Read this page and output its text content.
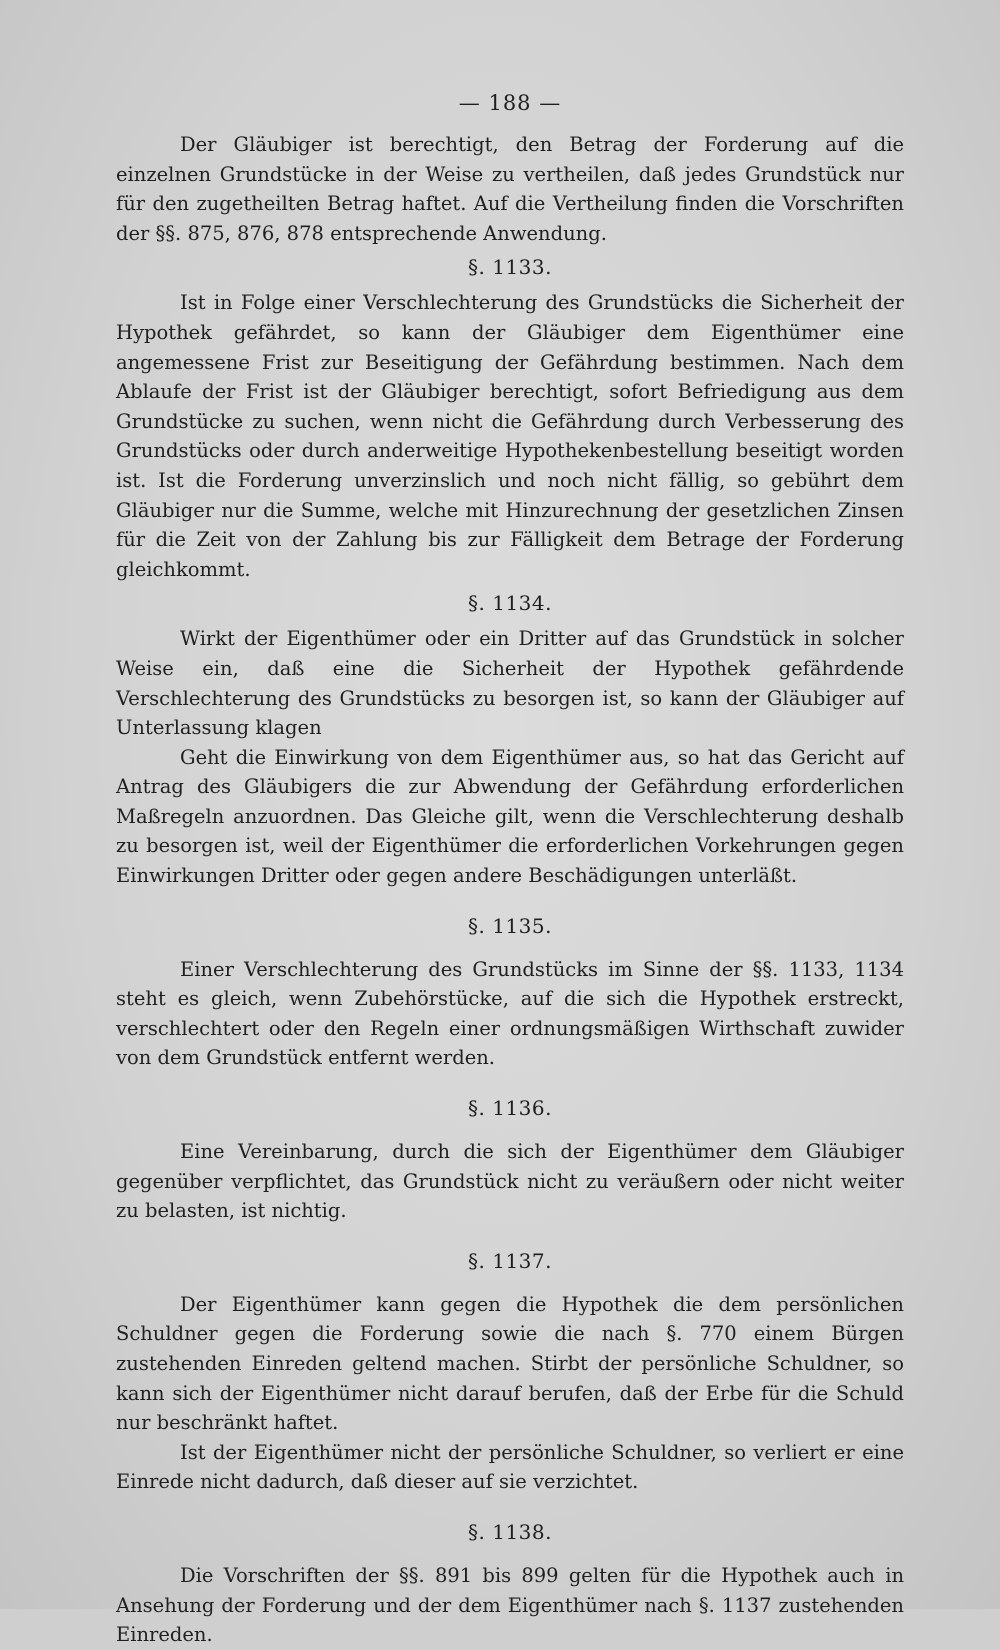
— 188 —

Der Gläubiger ist berechtigt, den Betrag der Forderung auf die einzelnen Grundstücke in der Weise zu vertheilen, daß jedes Grundstück nur für den zugetheilten Betrag haftet. Auf die Vertheilung finden die Vorschriften der §§. 875, 876, 878 entsprechende Anwendung.

§. 1133.

Ist in Folge einer Verschlechterung des Grundstücks die Sicherheit der Hypothek gefährdet, so kann der Gläubiger dem Eigenthümer eine angemessene Frist zur Beseitigung der Gefährdung bestimmen. Nach dem Ablaufe der Frist ist der Gläubiger berechtigt, sofort Befriedigung aus dem Grundstücke zu suchen, wenn nicht die Gefährdung durch Verbesserung des Grundstücks oder durch anderweitige Hypothekenbestellung beseitigt worden ist. Ist die Forderung unverzinslich und noch nicht fällig, so gebührt dem Gläubiger nur die Summe, welche mit Hinzurechnung der gesetzlichen Zinsen für die Zeit von der Zahlung bis zur Fälligkeit dem Betrage der Forderung gleichkommt.

§. 1134.

Wirkt der Eigenthümer oder ein Dritter auf das Grundstück in solcher Weise ein, daß eine die Sicherheit der Hypothek gefährdende Verschlechterung des Grundstücks zu besorgen ist, so kann der Gläubiger auf Unterlassung klagen

Geht die Einwirkung von dem Eigenthümer aus, so hat das Gericht auf Antrag des Gläubigers die zur Abwendung der Gefährdung erforderlichen Maßregeln anzuordnen. Das Gleiche gilt, wenn die Verschlechterung deshalb zu besorgen ist, weil der Eigenthümer die erforderlichen Vorkehrungen gegen Einwirkungen Dritter oder gegen andere Beschädigungen unterläßt.

§. 1135.

Einer Verschlechterung des Grundstücks im Sinne der §§. 1133, 1134 steht es gleich, wenn Zubehörstücke, auf die sich die Hypothek erstreckt, verschlechtert oder den Regeln einer ordnungsmäßigen Wirthschaft zuwider von dem Grundstück entfernt werden.

§. 1136.

Eine Vereinbarung, durch die sich der Eigenthümer dem Gläubiger gegenüber verpflichtet, das Grundstück nicht zu veräußern oder nicht weiter zu belasten, ist nichtig.

§. 1137.

Der Eigenthümer kann gegen die Hypothek die dem persönlichen Schuldner gegen die Forderung sowie die nach §. 770 einem Bürgen zustehenden Einreden geltend machen. Stirbt der persönliche Schuldner, so kann sich der Eigenthümer nicht darauf berufen, daß der Erbe für die Schuld nur beschränkt haftet.

Ist der Eigenthümer nicht der persönliche Schuldner, so verliert er eine Einrede nicht dadurch, daß dieser auf sie verzichtet.

§. 1138.

Die Vorschriften der §§. 891 bis 899 gelten für die Hypothek auch in Ansehung der Forderung und der dem Eigenthümer nach §. 1137 zustehenden Einreden.
